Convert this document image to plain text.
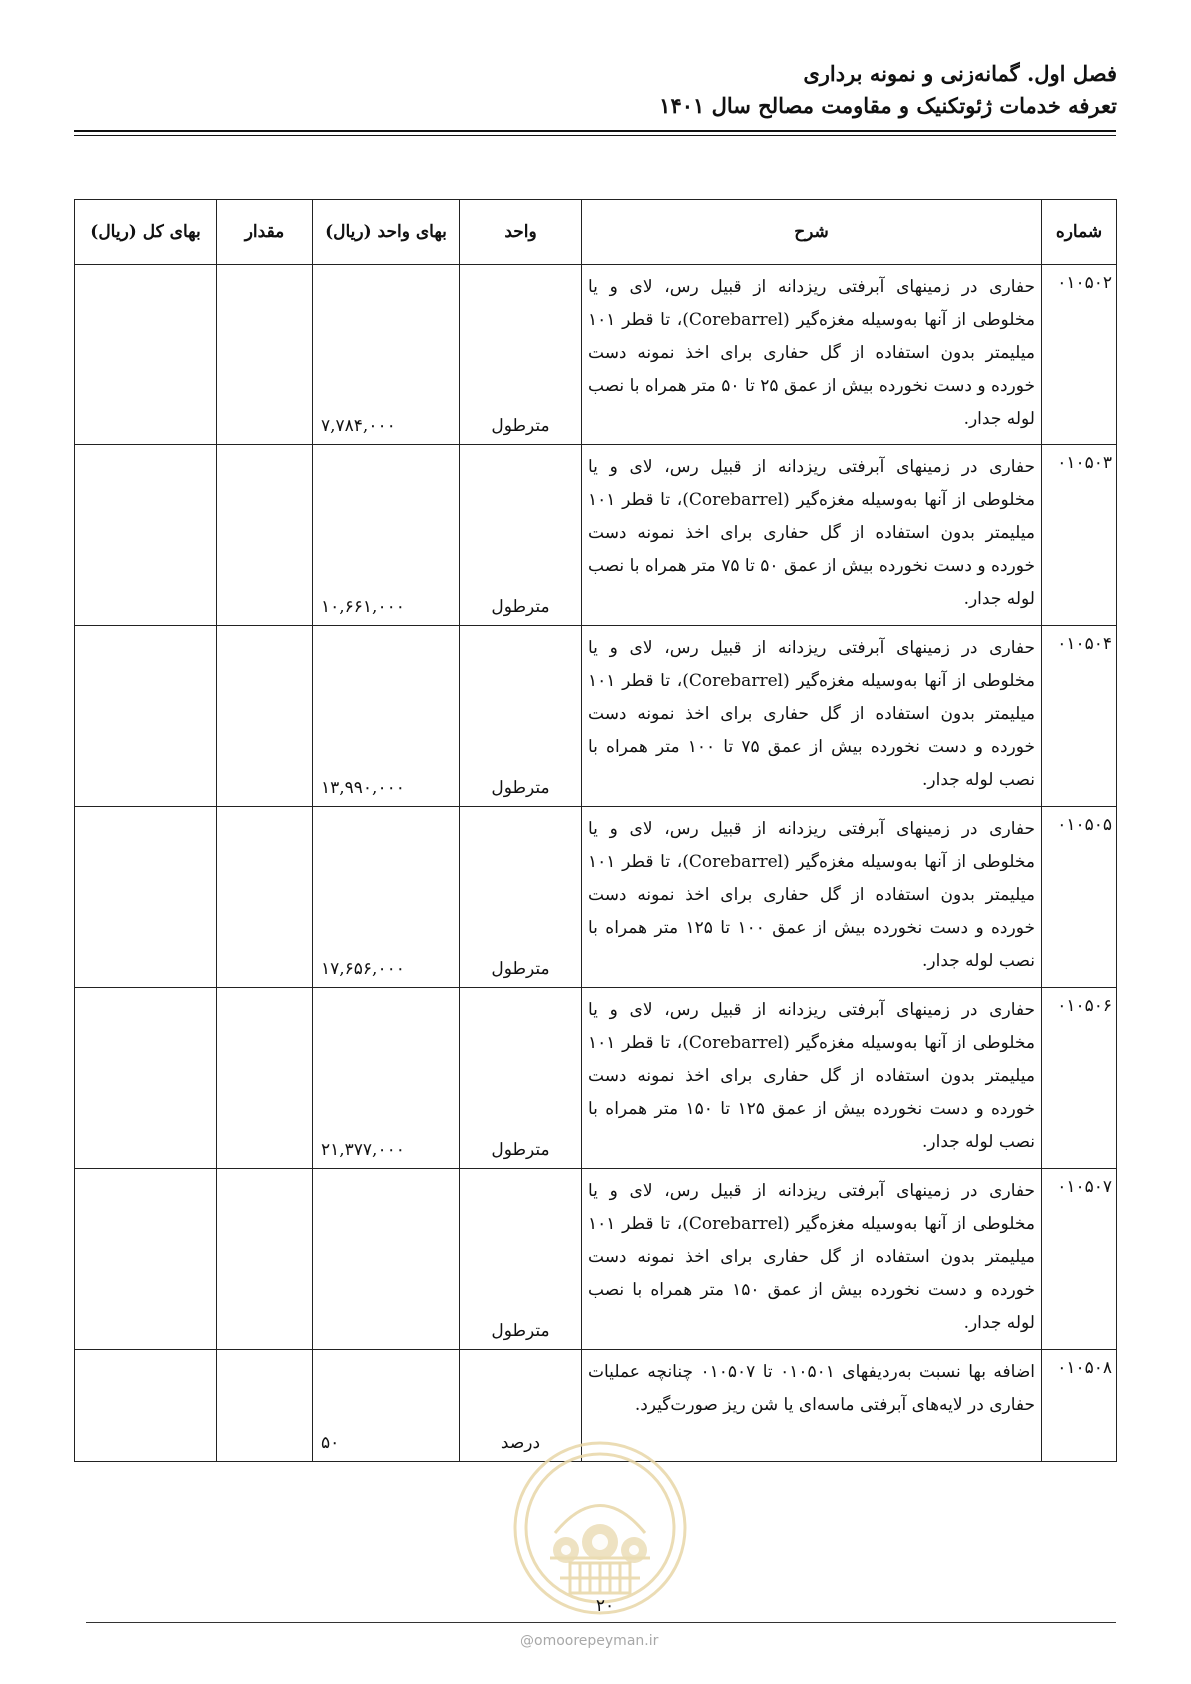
فصل اول. گمانه‌زنی و نمونه برداری
تعرفه خدمات ژئوتکنیک و مقاومت مصالح سال ۱۴۰۱
شماره	شرح	واحد	بهای واحد (ریال)	مقدار	بهای کل (ریال)
۰۱۰۵۰۲	حفاری در زمینهای آبرفتی ریزدانه از قبیل رس، لای و یا مخلوطی از آنها به‌وسیله مغزه‌گیر (Corebarrel)، تا قطر ۱۰۱ میلیمتر بدون استفاده از گل حفاری برای اخذ نمونه دست خورده و دست نخورده بیش از عمق ۲۵ تا ۵۰ متر همراه با نصب لوله جدار.	مترطول	۷,۷۸۴,۰۰۰		
۰۱۰۵۰۳	حفاری در زمینهای آبرفتی ریزدانه از قبیل رس، لای و یا مخلوطی از آنها به‌وسیله مغزه‌گیر (Corebarrel)، تا قطر ۱۰۱ میلیمتر بدون استفاده از گل حفاری برای اخذ نمونه دست خورده و دست نخورده بیش از عمق ۵۰ تا ۷۵ متر همراه با نصب لوله جدار.	مترطول	۱۰,۶۶۱,۰۰۰		
۰۱۰۵۰۴	حفاری در زمینهای آبرفتی ریزدانه از قبیل رس، لای و یا مخلوطی از آنها به‌وسیله مغزه‌گیر (Corebarrel)، تا قطر ۱۰۱ میلیمتر بدون استفاده از گل حفاری برای اخذ نمونه دست خورده و دست نخورده بیش از عمق ۷۵ تا ۱۰۰ متر همراه با نصب لوله جدار.	مترطول	۱۳,۹۹۰,۰۰۰		
۰۱۰۵۰۵	حفاری در زمینهای آبرفتی ریزدانه از قبیل رس، لای و یا مخلوطی از آنها به‌وسیله مغزه‌گیر (Corebarrel)، تا قطر ۱۰۱ میلیمتر بدون استفاده از گل حفاری برای اخذ نمونه دست خورده و دست نخورده بیش از عمق ۱۰۰ تا ۱۲۵ متر همراه با نصب لوله جدار.	مترطول	۱۷,۶۵۶,۰۰۰		
۰۱۰۵۰۶	حفاری در زمینهای آبرفتی ریزدانه از قبیل رس، لای و یا مخلوطی از آنها به‌وسیله مغزه‌گیر (Corebarrel)، تا قطر ۱۰۱ میلیمتر بدون استفاده از گل حفاری برای اخذ نمونه دست خورده و دست نخورده بیش از عمق ۱۲۵ تا ۱۵۰ متر همراه با نصب لوله جدار.	مترطول	۲۱,۳۷۷,۰۰۰		
۰۱۰۵۰۷	حفاری در زمینهای آبرفتی ریزدانه از قبیل رس، لای و یا مخلوطی از آنها به‌وسیله مغزه‌گیر (Corebarrel)، تا قطر ۱۰۱ میلیمتر بدون استفاده از گل حفاری برای اخذ نمونه دست خورده و دست نخورده بیش از عمق ۱۵۰ متر همراه با نصب لوله جدار.	مترطول			
۰۱۰۵۰۸	اضافه بها نسبت به‌ردیفهای ۰۱۰۵۰۱ تا ۰۱۰۵۰۷ چنانچه عملیات حفاری در لایه‌های آبرفتی ماسه‌ای یا شن ریز صورت‌گیرد.	درصد	۵۰		
۲۰
@omoorepeyman.ir
